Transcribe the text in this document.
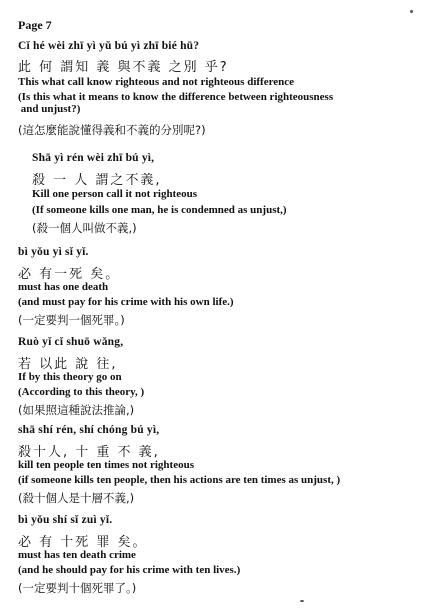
Page 7
Cǐ hé wèi zhī yì yǔ bú yì zhī bié hū?
此 何 謂知 義 與不義 之別 乎?
This what call know righteous and not righteous difference
(Is this what it means to know the difference between righteousness
and unjust?)
(這怎麼能說懂得義和不義的分別呢?)
Shā yì rén wèi zhī bú yì,
殺 一 人 謂之不義,
Kill one person call it not righteous
(If someone kills one man, he is condemned as unjust,)
(殺一個人叫做不義,)
bì yǒu yì sǐ yǐ.
必 有一死 矣。
must has one death
(and must pay for his crime with his own life.)
(一定要判一個死罪。)
Ruò yǐ cǐ shuō wǎng,
若 以此 說 往,
If by this theory go on
(According to this theory, )
(如果照這種說法推論,)
shā shí rén, shí chóng bú yì,
殺十人, 十 重 不 義,
kill ten people ten times not righteous
(if someone kills ten people, then his actions are ten times as unjust, )
(殺十個人是十層不義,)
bì yǒu shí sǐ zuì yǐ.
必 有 十死 罪 矣。
must has ten death crime
(and he should pay for his crime with ten lives.)
(一定要判十個死罪了。)
